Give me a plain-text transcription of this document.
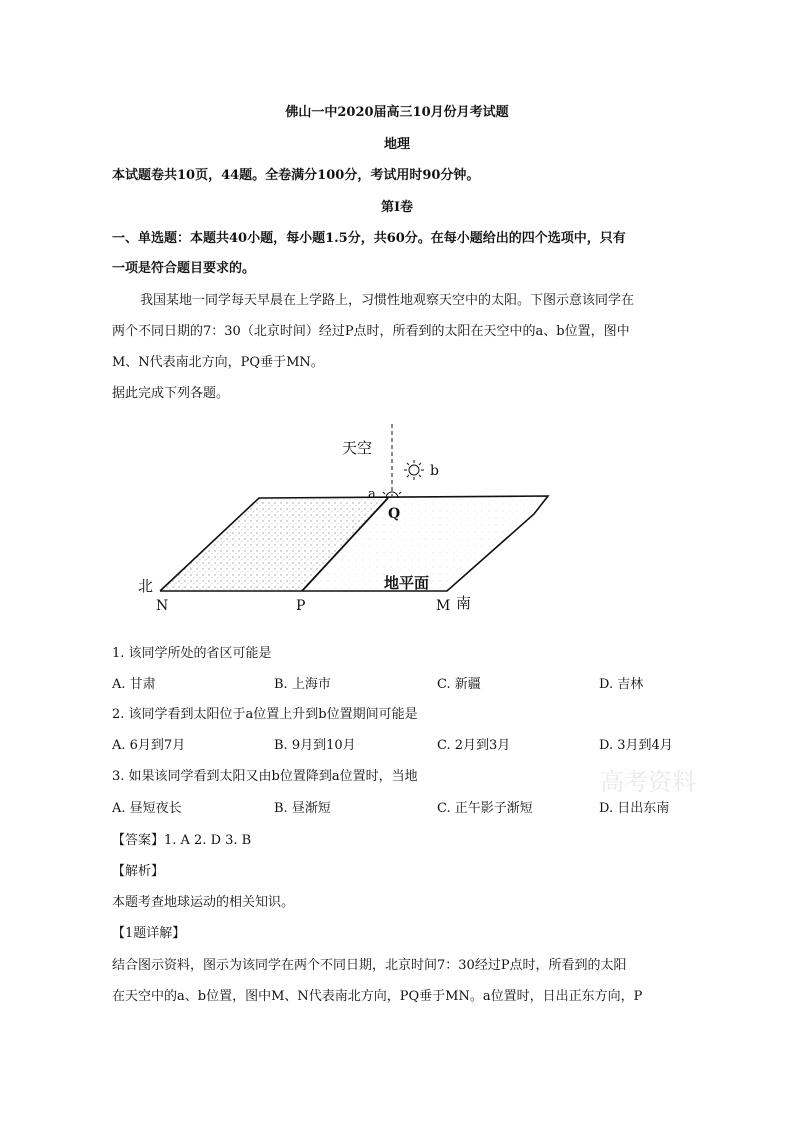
佛山一中2020届高三10月份月考试题
地理
本试题卷共10页，44题。全卷满分100分，考试用时90分钟。
第Ⅰ卷
一、单选题：本题共40小题，每小题1.5分，共60分。在每小题给出的四个选项中，只有
一项是符合题目要求的。
我国某地一同学每天早晨在上学路上，习惯性地观察天空中的太阳。下图示意该同学在
两个不同日期的7：30（北京时间）经过P点时，所看到的太阳在天空中的a、b位置，图中
M、N代表南北方向，PQ垂于MN。
据此完成下列各题。
天空
b
a
Q
北
N	P
地平面
M 南
1. 该同学所处的省区可能是
A. 甘肃	B. 上海市	C. 新疆	D. 吉林
2. 该同学看到太阳位于a位置上升到b位置期间可能是
A. 6月到7月	B. 9月到10月	C. 2月到3月	D. 3月到4月
3. 如果该同学看到太阳又由b位置降到a位置时，当地
A. 昼短夜长	B. 昼渐短	C. 正午影子渐短	D. 日出东南
【答案】1. A 2. D 3. B
【解析】
本题考查地球运动的相关知识。
【1题详解】
结合图示资料，图示为该同学在两个不同日期，北京时间7：30经过P点时，所看到的太阳
在天空中的a、b位置，图中M、N代表南北方向，PQ垂于MN。a位置时，日出正东方向，P
高考资料
